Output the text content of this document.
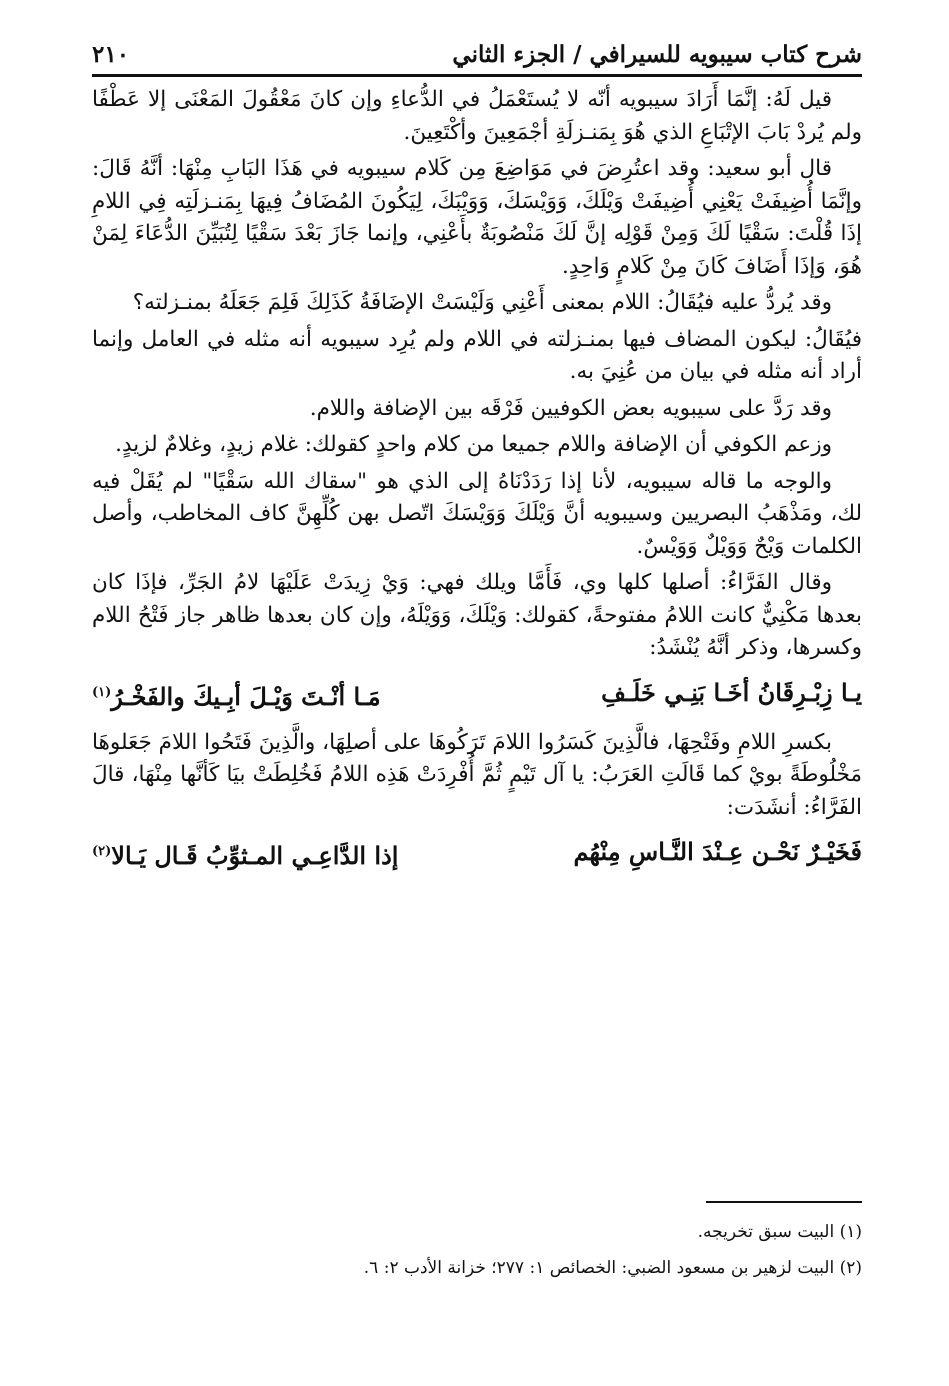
شرح كتاب سيبويه للسيرافي / الجزء الثاني
٢١٠

قيل لَهُ: إنَّمَا أَرَادَ سيبويه أنّه لا يُستَعْمَلُ في الدُّعاءِ وإن كانَ مَعْقُولَ المَعْنَى إلا عَطْفًا ولم يُردْ بَابَ الإتْبَاعِ الذي هُوَ بِمَنـزلَةِ أجْمَعِينَ وأكْتَعِينَ.

قال أبو سعيد: وقد اعتُرِضَ في مَوَاضِعَ مِن كَلام سيبويه في هَذَا البَابِ مِنْهَا: أنَّهُ قَالَ: وإنَّمَا أُضِيفَتْ يَعْنِي أُضِيفَتْ وَيْلَكَ، وَوَيْسَكَ، وَوَيْبَكَ، لِيَكُونَ المُضَافُ فِيهَا بِمَنـزلَتِه فِي اللامِ إذَا قُلْتَ: سَقْيًا لَكَ وَمِنْ قَوْلِه إنَّ لَكَ مَنْصُوبَةٌ بأَعْنِي، وإنما جَازَ بَعْدَ سَقْيًا لِتُبَيِّنَ الدُّعَاءَ لِمَنْ هُوَ، وَإذَا أَضَافَ كَانَ مِنْ كَلامٍ وَاحِدٍ.

وقد يُردُّ عليه فيُقَالُ: اللام بمعنى أَعْنِي وَلَيْسَتْ الإضَافَةُ كَذَلِكَ فَلِمَ جَعَلَهُ بمنـزلته؟

فيُقَالُ: ليكون المضاف فيها بمنـزلته في اللام ولم يُرِد سيبويه أنه مثله في العامل وإنما أراد أنه مثله في بيان من عُنِيَ به.

وقد رَدَّ على سيبويه بعض الكوفيين فَرْقَه بين الإضافة واللام.

وزعم الكوفي أن الإضافة واللام جميعا من كلام واحدٍ كقولك: غلام زيدٍ، وغلامٌ لزيدٍ.

والوجه ما قاله سيبويه، لأنا إذا رَدَدْنَاهُ إلى الذي هو "سقاك الله سَقْيًا" لم يُقَلْ فيه لك، ومَذْهَبُ البصريين وسيبويه أنَّ وَيْلَكَ وَوَيْسَكَ اتّصل بهن كُلِّهِنَّ كاف المخاطب، وأصل الكلمات وَيْحٌ وَوَيْلٌ وَوَيْسٌ.

وقال الفَرَّاءُ: أصلها كلها وي، فَأَمَّا ويلك فهي: وَيْ زِيدَتْ عَلَيْهَا لامُ الجَرِّ، فإذَا كان بعدها مَكْنِيٌّ كانت اللامُ مفتوحةً، كقولك: وَيْلَكَ، وَوَيْلَهُ، وإن كان بعدها ظاهر جاز فَتْحُ اللام وكسرها، وذكر أنَّهُ يُنْشَدُ:

يـا زِبْـرِقَانُ أخَـا بَنِـي خَلَـفِ
مَـا أنْـتَ وَيْـلَ أبِـيكَ والفَخْـرُ$^{(١)}$

بكسرِ اللامِ وفَتْحِهَا، فالَّذِينَ كَسَرُوا اللامَ تَرَكُوهَا على أصلِهَا، والَّذِينَ فَتَحُوا اللامَ جَعَلوهَا مَخْلُوطَةً بويْ كما قَالَتِ العَرَبُ: يا آل تَيْمٍ ثُمَّ أُفْرِدَتْ هَذِه اللامُ فَخُلِطَتْ بيَا كَأنَّها مِنْهَا، قالَ الفَرَّاءُ: أنشَدَت:

فَخَيْـرٌ نَحْـن عِـنْدَ النَّـاسِ مِنْهُم
إذا الدَّاعِـي المـثوِّبُ قَـال يَـالا$^{(٢)}$
(١) البيت سبق تخريجه.
(٢) البيت لزهير بن مسعود الضبي: الخصائص ١: ٢٧٧؛ خزانة الأدب ٢: ٦.
